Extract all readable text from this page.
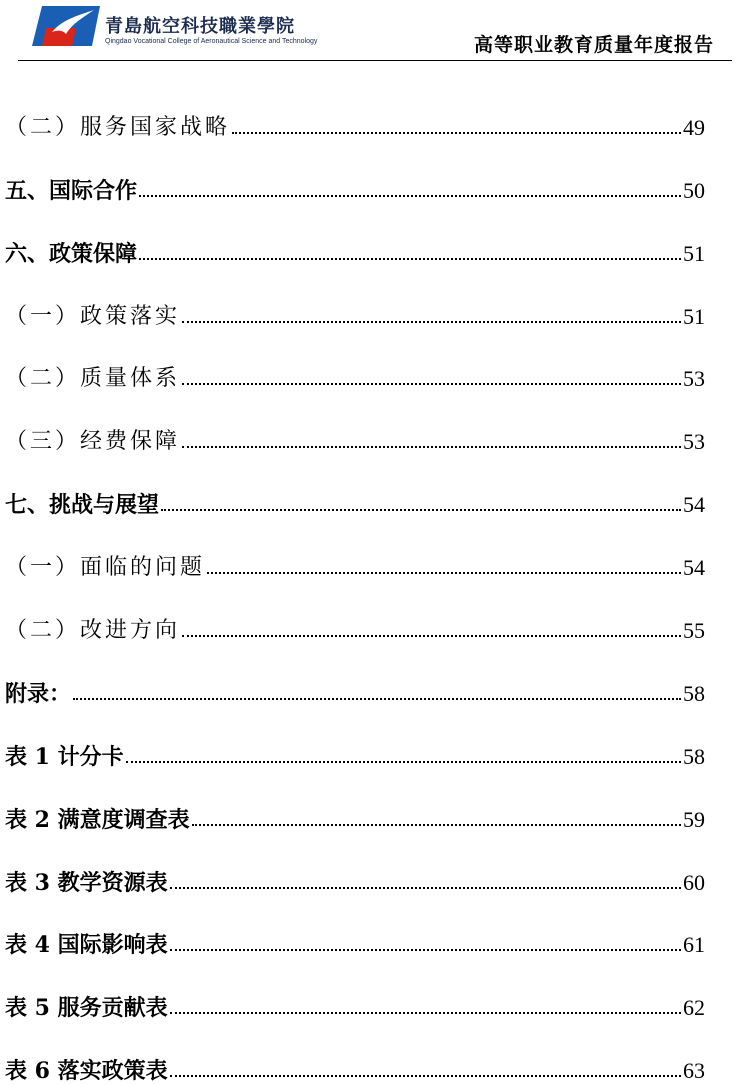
青島航空科技職業學院
Qingdao Vocational College of Aeronautical Science and Technology	高等职业教育质量年度报告
（二）服务国家战略	49
五、国际合作	50
六、政策保障	51
（一）政策落实	51
（二）质量体系	53
（三）经费保障	53
七、挑战与展望	54
（一）面临的问题	54
（二）改进方向	55
附录：	58
表 1 计分卡	58
表 2 满意度调查表	59
表 3 教学资源表	60
表 4 国际影响表	61
表 5 服务贡献表	62
表 6 落实政策表	63
